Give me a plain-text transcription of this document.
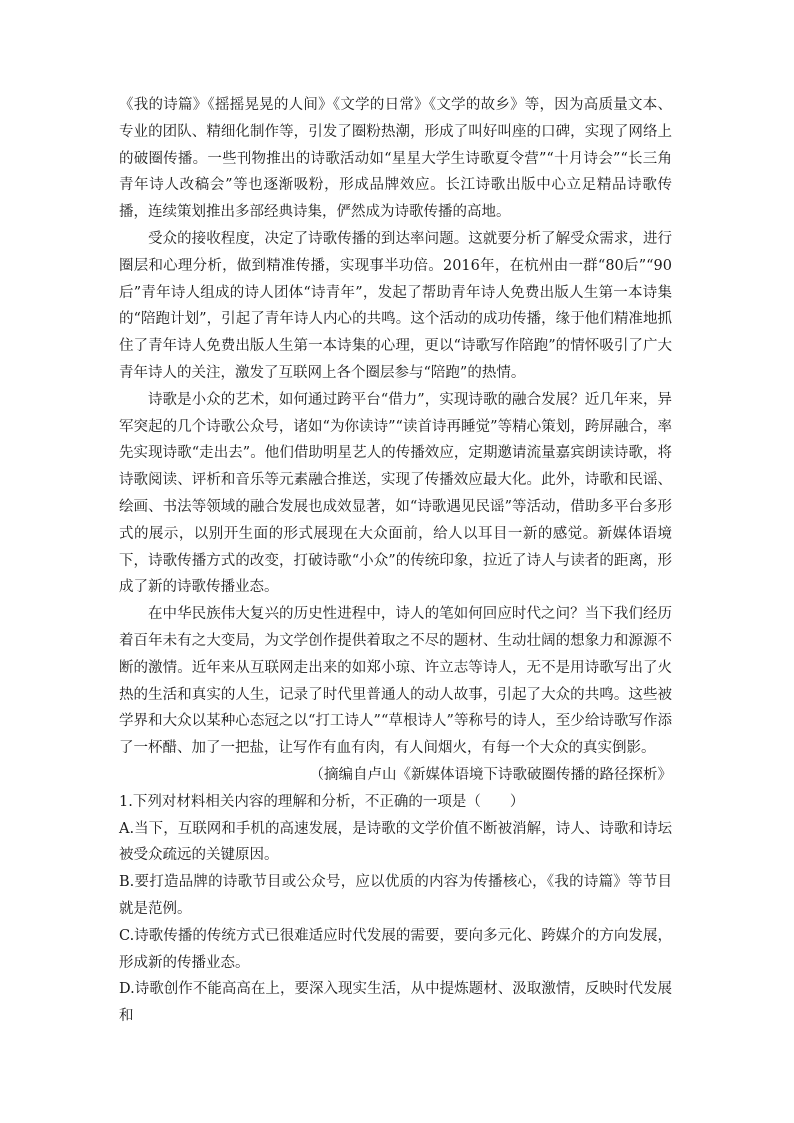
《我的诗篇》《摇摇晃晃的人间》《文学的日常》《文学的故乡》等，因为高质量文本、专业的团队、精细化制作等，引发了圈粉热潮，形成了叫好叫座的口碑，实现了网络上的破圈传播。一些刊物推出的诗歌活动如“星星大学生诗歌夏令营”“十月诗会”“长三角青年诗人改稿会”等也逐渐吸粉，形成品牌效应。长江诗歌出版中心立足精品诗歌传播，连续策划推出多部经典诗集，俨然成为诗歌传播的高地。

受众的接收程度，决定了诗歌传播的到达率问题。这就要分析了解受众需求，进行圈层和心理分析，做到精准传播，实现事半功倍。2016年，在杭州由一群“80后”“90后”青年诗人组成的诗人团体“诗青年”，发起了帮助青年诗人免费出版人生第一本诗集的“陪跑计划”，引起了青年诗人内心的共鸣。这个活动的成功传播，缘于他们精准地抓住了青年诗人免费出版人生第一本诗集的心理，更以“诗歌写作陪跑”的情怀吸引了广大青年诗人的关注，激发了互联网上各个圈层参与“陪跑”的热情。

诗歌是小众的艺术，如何通过跨平台“借力”，实现诗歌的融合发展？近几年来，异军突起的几个诗歌公众号，诸如“为你读诗”“读首诗再睡觉”等精心策划，跨屏融合，率先实现诗歌“走出去”。他们借助明星艺人的传播效应，定期邀请流量嘉宾朗读诗歌，将诗歌阅读、评析和音乐等元素融合推送，实现了传播效应最大化。此外，诗歌和民谣、绘画、书法等领域的融合发展也成效显著，如“诗歌遇见民谣”等活动，借助多平台多形式的展示，以别开生面的形式展现在大众面前，给人以耳目一新的感觉。新媒体语境下，诗歌传播方式的改变，打破诗歌“小众”的传统印象，拉近了诗人与读者的距离，形成了新的诗歌传播业态。

在中华民族伟大复兴的历史性进程中，诗人的笔如何回应时代之问？当下我们经历着百年未有之大变局，为文学创作提供着取之不尽的题材、生动壮阔的想象力和源源不断的激情。近年来从互联网走出来的如郑小琼、许立志等诗人，无不是用诗歌写出了火热的生活和真实的人生，记录了时代里普通人的动人故事，引起了大众的共鸣。这些被学界和大众以某种心态冠之以“打工诗人”“草根诗人”等称号的诗人，至少给诗歌写作添了一杯醋、加了一把盐，让写作有血有肉，有人间烟火，有每一个大众的真实倒影。

（摘编自卢山《新媒体语境下诗歌破圈传播的路径探析》

1.下列对材料相关内容的理解和分析，不正确的一项是（　　）

A.当下，互联网和手机的高速发展，是诗歌的文学价值不断被消解，诗人、诗歌和诗坛被受众疏远的关键原因。

B.要打造品牌的诗歌节目或公众号，应以优质的内容为传播核心，《我的诗篇》等节目就是范例。

C.诗歌传播的传统方式已很难适应时代发展的需要，要向多元化、跨媒介的方向发展，形成新的传播业态。

D.诗歌创作不能高高在上，要深入现实生活，从中提炼题材、汲取激情，反映时代发展和
